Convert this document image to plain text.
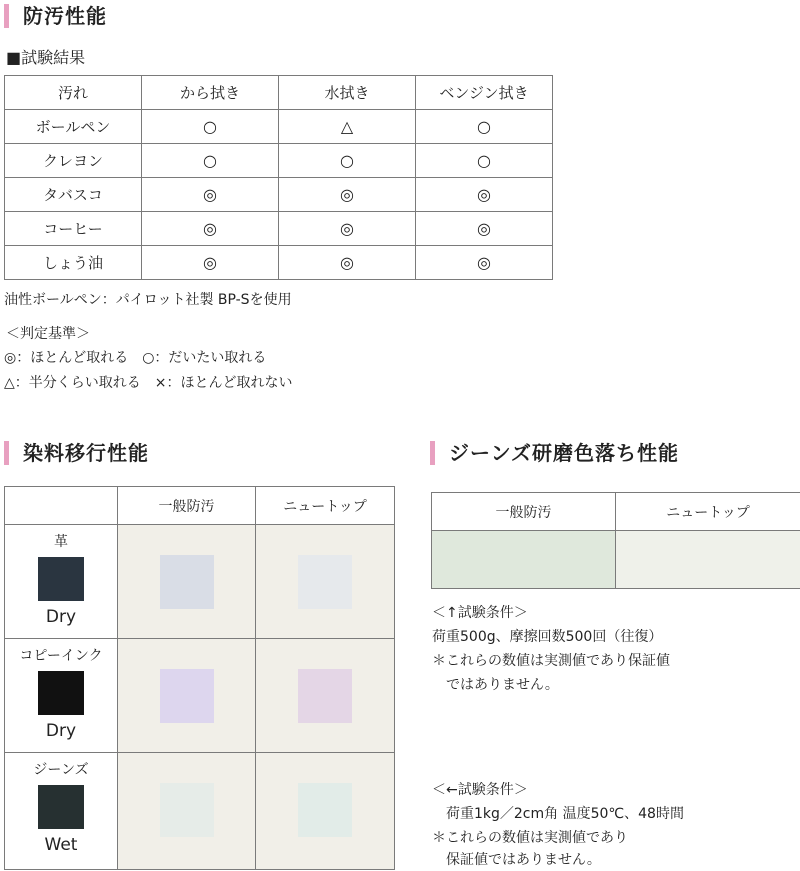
防汚性能
■試験結果
汚れ	から拭き	水拭き	ベンジン拭き
ボールペン	○	△	○
クレヨン	○	○	○
タバスコ	◎	◎	◎
コーヒー	◎	◎	◎
しょう油	◎	◎	◎
油性ボールペン：パイロット社製 BP-Sを使用
＜判定基準＞
◎：ほとんど取れる　○：だいたい取れる
△：半分くらい取れる　×：ほとんど取れない
染料移行性能
一般防汚	ニュートップ
革
Dry
コピーインク
Dry
ジーンズ
Wet
ジーンズ研磨色落ち性能
一般防汚	ニュートップ
＜↑試験条件＞
荷重500g、摩擦回数500回（往復）
＊これらの数値は実測値であり保証値
　ではありません。
＜←試験条件＞
　荷重1kg／2cm角 温度50℃、48時間
＊これらの数値は実測値であり
　保証値ではありません。
